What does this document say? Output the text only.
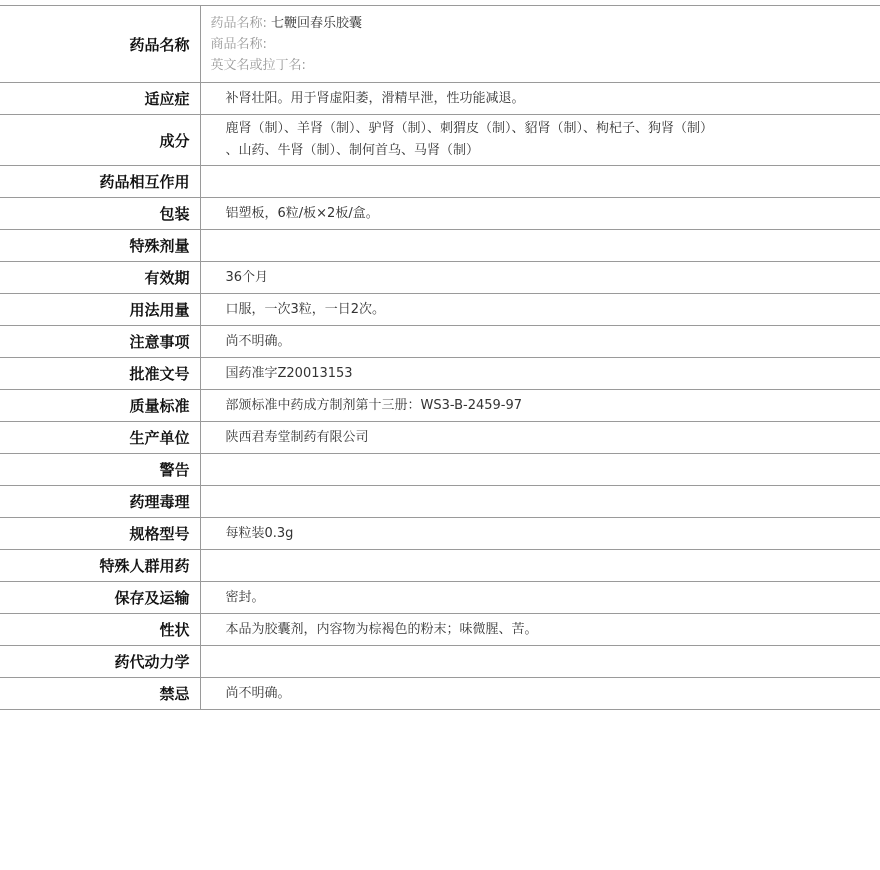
药品名称	药品名称: 七鞭回春乐胶囊
商品名称:
英文名或拉丁名:

适应症	补肾壮阳。用于肾虚阳萎，滑精早泄，性功能减退。
成分	鹿肾（制）、羊肾（制）、驴肾（制）、刺猬皮（制）、貂肾（制）、枸杞子、狗肾（制）
、山药、牛肾（制）、制何首乌、马肾（制）

药品相互作用	
包装	铝塑板，6粒/板×2板/盒。
特殊剂量	
有效期	36个月
用法用量	口服，一次3粒，一日2次。
注意事项	尚不明确。
批准文号	国药准字Z20013153
质量标准	部颁标准中药成方制剂第十三册：WS3-B-2459-97
生产单位	陕西君寿堂制药有限公司
警告	
药理毒理	
规格型号	每粒装0.3g
特殊人群用药	
保存及运输	密封。
性状	本品为胶囊剂，内容物为棕褐色的粉末；味微腥、苦。
药代动力学	
禁忌	尚不明确。
